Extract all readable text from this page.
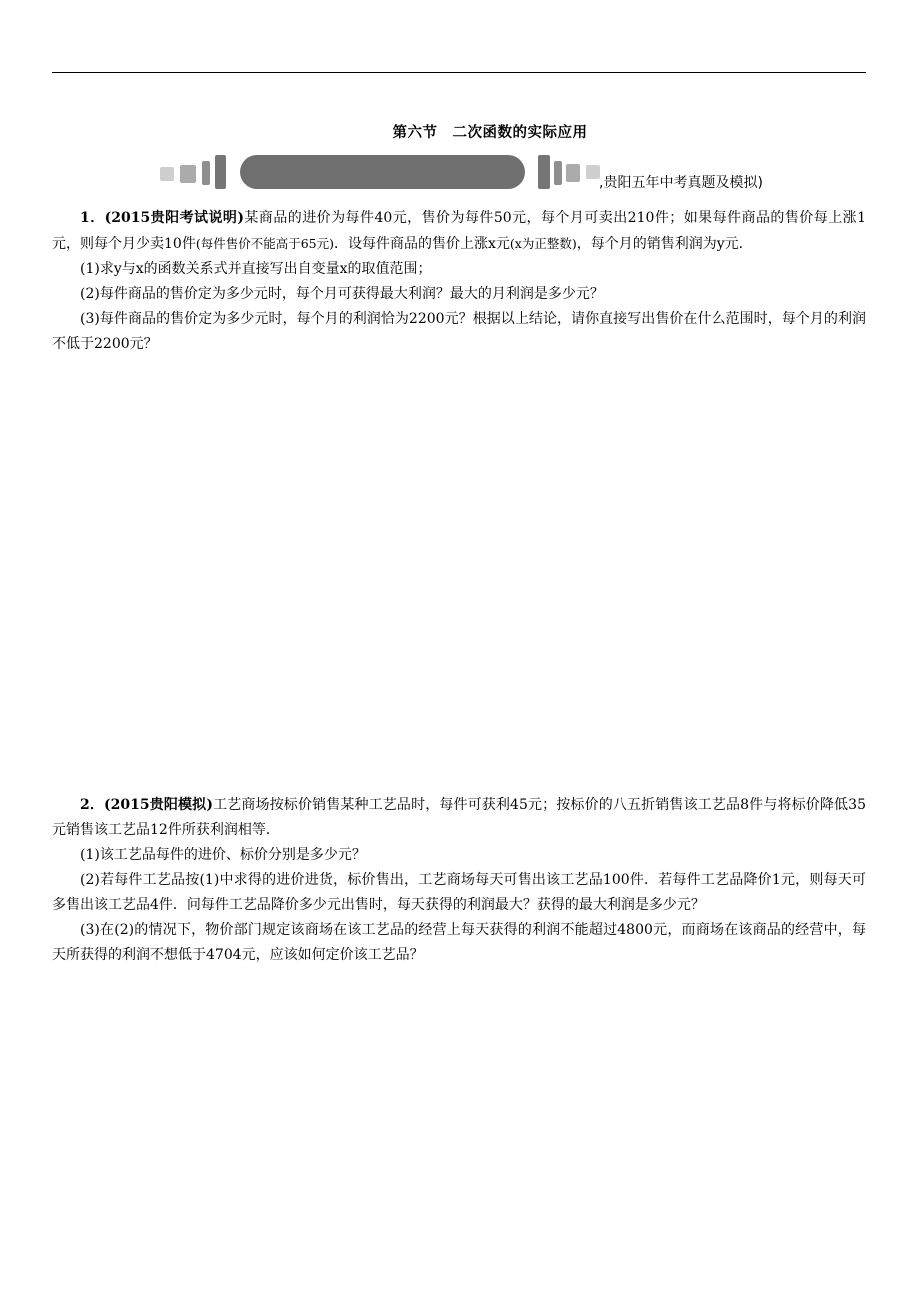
第六节　二次函数的实际应用
,贵阳五年中考真题及模拟)

1．(2015贵阳考试说明)某商品的进价为每件40元，售价为每件50元，每个月可卖出210件；如果每件商品的售价每上涨1元，则每个月少卖10件(每件售价不能高于65元)．设每件商品的售价上涨x元(x为正整数)，每个月的销售利润为y元．

(1)求y与x的函数关系式并直接写出自变量x的取值范围；

(2)每件商品的售价定为多少元时，每个月可获得最大利润？最大的月利润是多少元？

(3)每件商品的售价定为多少元时，每个月的利润恰为2200元？根据以上结论，请你直接写出售价在什么范围时，每个月的利润不低于2200元？

2．(2015贵阳模拟)工艺商场按标价销售某种工艺品时，每件可获利45元；按标价的八五折销售该工艺品8件与将标价降低35元销售该工艺品12件所获利润相等．

(1)该工艺品每件的进价、标价分别是多少元？

(2)若每件工艺品按(1)中求得的进价进货，标价售出，工艺商场每天可售出该工艺品100件．若每件工艺品降价1元，则每天可多售出该工艺品4件．问每件工艺品降价多少元出售时，每天获得的利润最大？获得的最大利润是多少元？

(3)在(2)的情况下，物价部门规定该商场在该工艺品的经营上每天获得的利润不能超过4800元，而商场在该商品的经营中，每天所获得的利润不想低于4704元，应该如何定价该工艺品？
